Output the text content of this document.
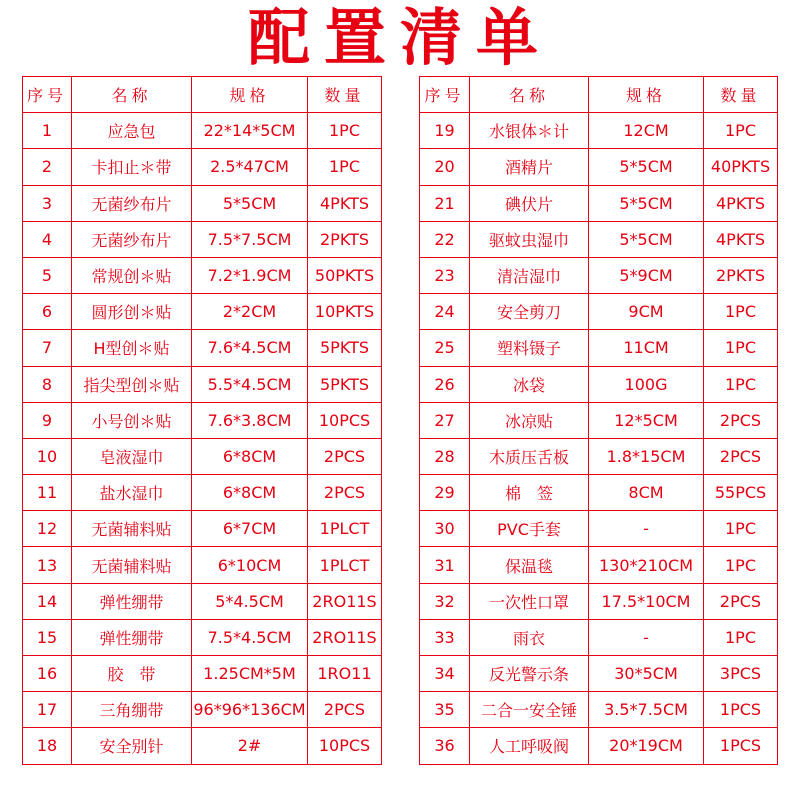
配置清单
序号	名称	规格	数量
1	应急包	22*14*5CM	1PC
2	卡扣止＊带	2.5*47CM	1PC
3	无菌纱布片	5*5CM	4PKTS
4	无菌纱布片	7.5*7.5CM	2PKTS
5	常规创＊贴	7.2*1.9CM	50PKTS
6	圆形创＊贴	2*2CM	10PKTS
7	H型创＊贴	7.6*4.5CM	5PKTS
8	指尖型创＊贴	5.5*4.5CM	5PKTS
9	小号创＊贴	7.6*3.8CM	10PCS
10	皂液湿巾	6*8CM	2PCS
11	盐水湿巾	6*8CM	2PCS
12	无菌辅料贴	6*7CM	1PLCT
13	无菌辅料贴	6*10CM	1PLCT
14	弹性绷带	5*4.5CM	2RO11S
15	弹性绷带	7.5*4.5CM	2RO11S
16	胶　带	1.25CM*5M	1RO11
17	三角绷带	96*96*136CM	2PCS
18	安全别针	2#	10PCS
序号	名称	规格	数量
19	水银体＊计	12CM	1PC
20	酒精片	5*5CM	40PKTS
21	碘伏片	5*5CM	4PKTS
22	驱蚊虫湿巾	5*5CM	4PKTS
23	清洁湿巾	5*9CM	2PKTS
24	安全剪刀	9CM	1PC
25	塑料镊子	11CM	1PC
26	冰袋	100G	1PC
27	冰凉贴	12*5CM	2PCS
28	木质压舌板	1.8*15CM	2PCS
29	棉　签	8CM	55PCS
30	PVC手套	-	1PC
31	保温毯	130*210CM	1PC
32	一次性口罩	17.5*10CM	2PCS
33	雨衣	-	1PC
34	反光警示条	30*5CM	3PCS
35	二合一安全锤	3.5*7.5CM	1PCS
36	人工呼吸阀	20*19CM	1PCS
